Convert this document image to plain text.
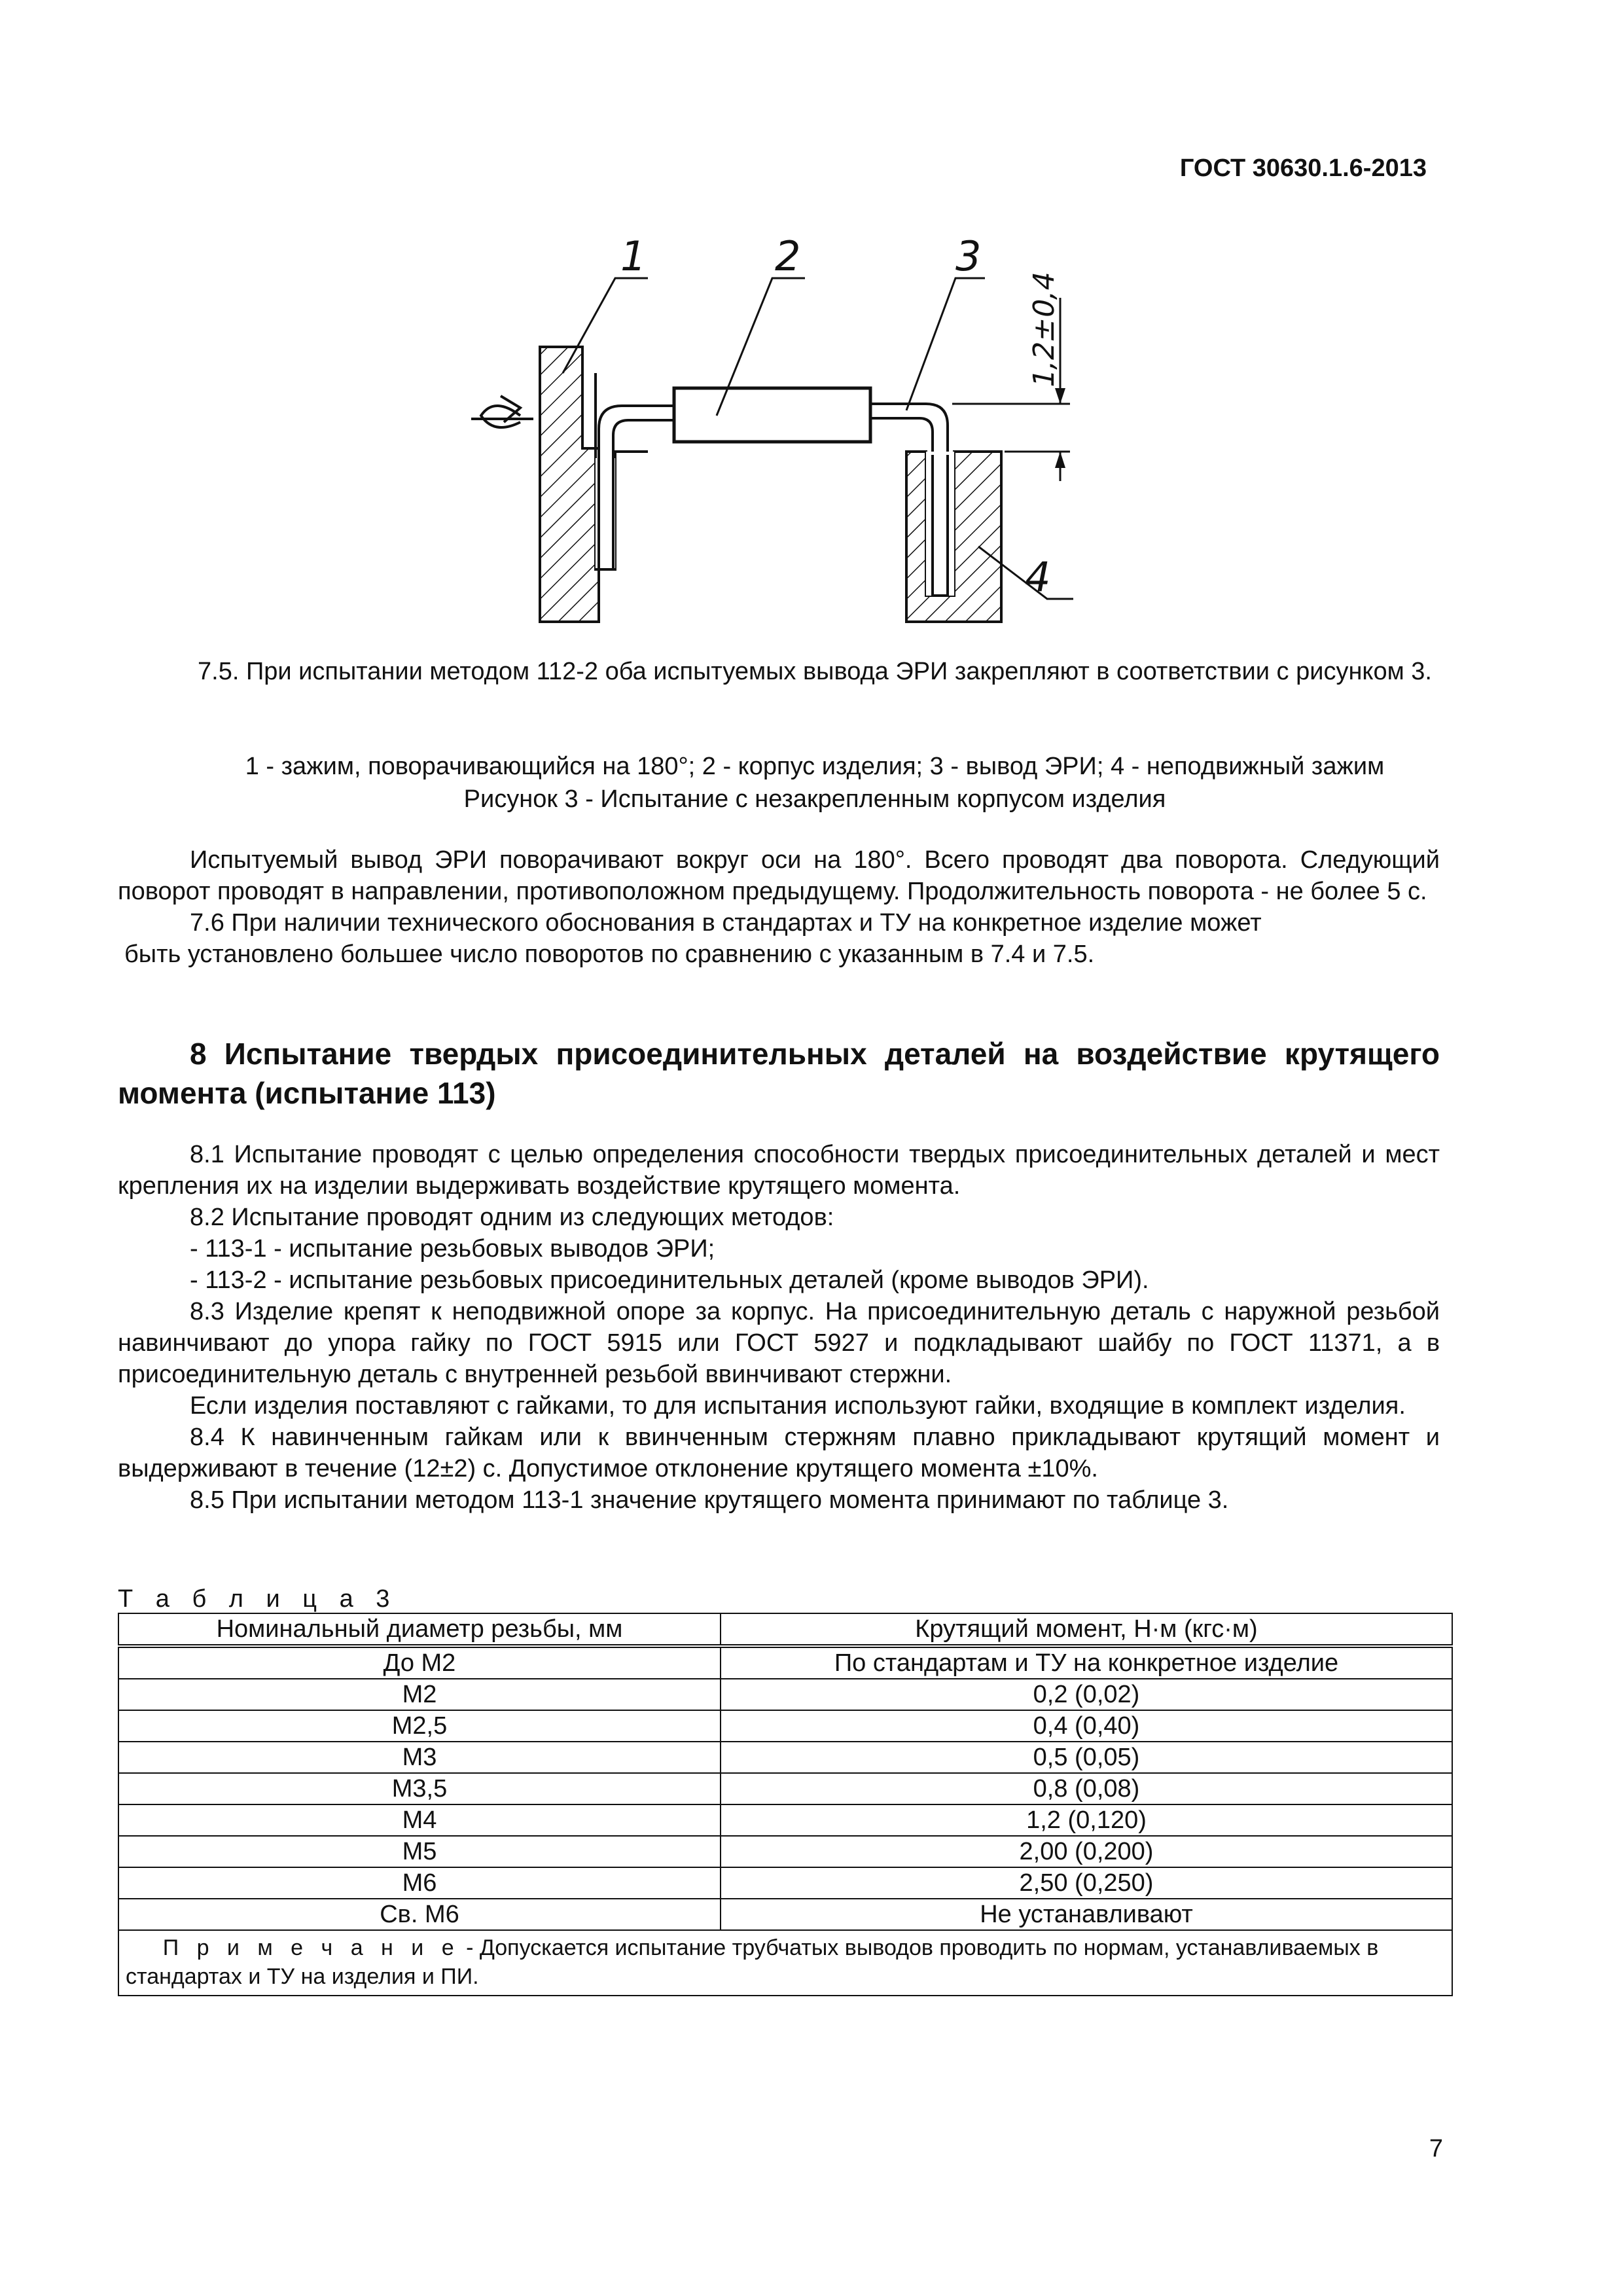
ГОСТ 30630.1.6-2013
1,2±0,4
1	2	3
4
7.5. При испытании методом 112-2 оба испытуемых вывода ЭРИ закрепляют в соответствии с рисунком 3.
1 - зажим, поворачивающийся на 180°; 2 - корпус изделия; 3 - вывод ЭРИ; 4 - неподвижный зажим
Рисунок 3 - Испытание с незакрепленным корпусом изделия

Испытуемый вывод ЭРИ поворачивают вокруг оси на 180°. Всего проводят два поворота. Следующий поворот проводят в направлении, противоположном предыдущему. Продолжительность поворота - не более 5 с.

7.6 При наличии технического обоснования в стандартах и ТУ на конкретное изделие может

быть установлено большее число поворотов по сравнению с указанным в 7.4 и 7.5.

8 Испытание твердых присоединительных деталей на воздействие крутящего момента (испытание 113)

8.1 Испытание проводят с целью определения способности твердых присоединительных деталей и мест крепления их на изделии выдерживать воздействие крутящего момента.

8.2 Испытание проводят одним из следующих методов:

- 113-1 - испытание резьбовых выводов ЭРИ;

- 113-2 - испытание резьбовых присоединительных деталей (кроме выводов ЭРИ).

8.3 Изделие крепят к неподвижной опоре за корпус. На присоединительную деталь с наружной резьбой навинчивают до упора гайку по ГОСТ 5915 или ГОСТ 5927 и подкладывают шайбу по ГОСТ 11371, а в присоединительную деталь с внутренней резьбой ввинчивают стержни.

Если изделия поставляют с гайками, то для испытания используют гайки, входящие в комплект изделия.

8.4 К навинченным гайкам или к ввинченным стержням плавно прикладывают крутящий момент и выдерживают в течение (12±2) с. Допустимое отклонение крутящего момента ±10%.

8.5 При испытании методом 113-1 значение крутящего момента принимают по таблице 3.

Т а б л и ц а 3
Номинальный диаметр резьбы, мм	Крутящий момент, Н·м (кгс·м)
До М2	По стандартам и ТУ на конкретное изделие
М2	0,2 (0,02)
М2,5	0,4 (0,40)
М3	0,5 (0,05)
М3,5	0,8 (0,08)
М4	1,2 (0,120)
М5	2,00 (0,200)
М6	2,50 (0,250)
Св. М6	Не устанавливают
П р и м е ч а н и е - Допускается испытание трубчатых выводов проводить по нормам, устанавливаемых в стандартах и ТУ на изделия и ПИ.	
7
